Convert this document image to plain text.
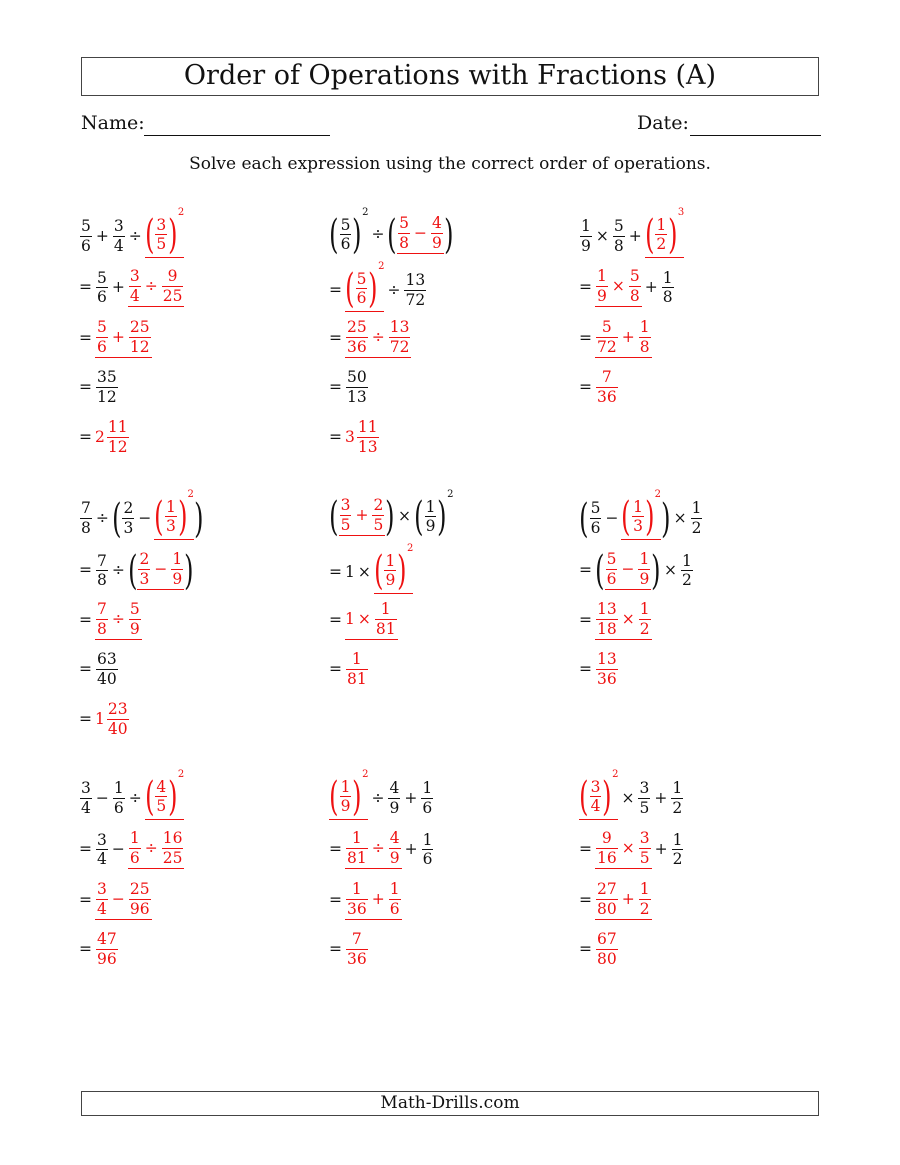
Order of Operations with Fractions (A)
Name:	Date:
Solve each expression using the correct order of operations.
$\frac{5}{6} + \frac{3}{4}$ ÷ ( $\frac{3}{5}$ ) 2
= $\frac{5}{6} + \frac{3}{4} \div \frac{9}{25}$
= $\frac{5}{6} + \frac{25}{12}$
= $\frac{35}{12}$
= $2 \frac{11}{12}$
( $\frac{5}{6}$ ) 2
÷ ( $\frac{5}{8} - \frac{4}{9}$ )
= ( $\frac{5}{6}$ ) 2
÷ $\frac{13}{72}$
= $\frac{25}{36} \div \frac{13}{72}$
= $\frac{50}{13}$
= $3 \frac{11}{13}$
$\frac{1}{9} \times \frac{5}{8}$ + ( $\frac{1}{2}$ ) 3
= $\frac{1}{9} \times \frac{5}{8} + \frac{1}{8}$
= $\frac{5}{72} + \frac{1}{8}$
= $\frac{7}{36}$
$\frac{7}{8}$ ÷ ( $\frac{2}{3}$ − ( $\frac{1}{3}$ ) 2
)
= $\frac{7}{8}$ ÷ ( $\frac{2}{3} - \frac{1}{9}$ )
= $\frac{7}{8} \div \frac{5}{9}$
= $\frac{63}{40}$
= $1 \frac{23}{40}$
( $\frac{3}{5} + \frac{2}{5}$ ) × ( $\frac{1}{9}$ ) 2
= 1 × ( $\frac{1}{9}$ ) 2
= $1 \times \frac{1}{81}$
= $\frac{1}{81}$
( $\frac{5}{6}$ − ( $\frac{1}{3}$ ) 2
) × $\frac{1}{2}$
= ( $\frac{5}{6} - \frac{1}{9}$ ) × $\frac{1}{2}$
= $\frac{13}{18} \times \frac{1}{2}$
= $\frac{13}{36}$
$\frac{3}{4} - \frac{1}{6}$ ÷ ( $\frac{4}{5}$ ) 2
= $\frac{3}{4} - \frac{1}{6} \div \frac{16}{25}$
= $\frac{3}{4} - \frac{25}{96}$
= $\frac{47}{96}$
( $\frac{1}{9}$ ) 2
÷ $\frac{4}{9} + \frac{1}{6}$
= $\frac{1}{81} \div \frac{4}{9} + \frac{1}{6}$
= $\frac{1}{36} + \frac{1}{6}$
= $\frac{7}{36}$
( $\frac{3}{4}$ ) 2
× $\frac{3}{5} + \frac{1}{2}$
= $\frac{9}{16} \times \frac{3}{5} + \frac{1}{2}$
= $\frac{27}{80} + \frac{1}{2}$
= $\frac{67}{80}$
Math-Drills.com
